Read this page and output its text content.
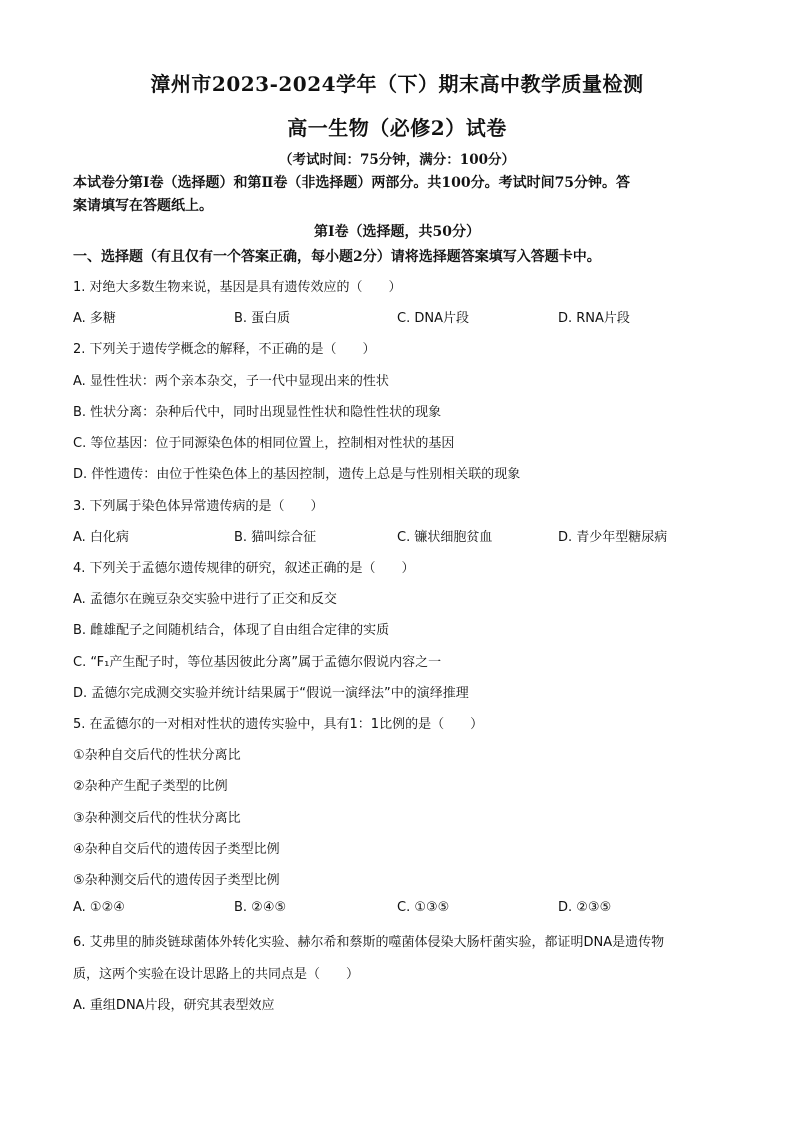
漳州市2023-2024学年（下）期末高中教学质量检测
高一生物（必修2）试卷
（考试时间：75分钟，满分：100分）
本试卷分第Ⅰ卷（选择题）和第Ⅱ卷（非选择题）两部分。共100分。考试时间75分钟。答
案请填写在答题纸上。
第Ⅰ卷（选择题，共50分）
一、选择题（有且仅有一个答案正确，每小题2分）请将选择题答案填写入答题卡中。
1. 对绝大多数生物来说，基因是具有遗传效应的（　　）
A. 多糖	B. 蛋白质	C. DNA片段	D. RNA片段
2. 下列关于遗传学概念的解释，不正确的是（　　）
A. 显性性状：两个亲本杂交，子一代中显现出来的性状
B. 性状分离：杂种后代中，同时出现显性性状和隐性性状的现象
C. 等位基因：位于同源染色体的相同位置上，控制相对性状的基因
D. 伴性遗传：由位于性染色体上的基因控制，遗传上总是与性别相关联的现象
3. 下列属于染色体异常遗传病的是（　　）
A. 白化病	B. 猫叫综合征	C. 镰状细胞贫血	D. 青少年型糖尿病
4. 下列关于孟德尔遗传规律的研究，叙述正确的是（　　）
A. 孟德尔在豌豆杂交实验中进行了正交和反交
B. 雌雄配子之间随机结合，体现了自由组合定律的实质
C. “F₁产生配子时，等位基因彼此分离”属于孟德尔假说内容之一
D. 孟德尔完成测交实验并统计结果属于“假说一演绎法”中的演绎推理
5. 在孟德尔的一对相对性状的遗传实验中，具有1：1比例的是（　　）
①杂种自交后代的性状分离比
②杂种产生配子类型的比例
③杂种测交后代的性状分离比
④杂种自交后代的遗传因子类型比例
⑤杂种测交后代的遗传因子类型比例
A. ①②④	B. ②④⑤	C. ①③⑤	D. ②③⑤
6. 艾弗里的肺炎链球菌体外转化实验、赫尔希和蔡斯的噬菌体侵染大肠杆菌实验，都证明DNA是遗传物
质，这两个实验在设计思路上的共同点是（　　）
A. 重组DNA片段，研究其表型效应
